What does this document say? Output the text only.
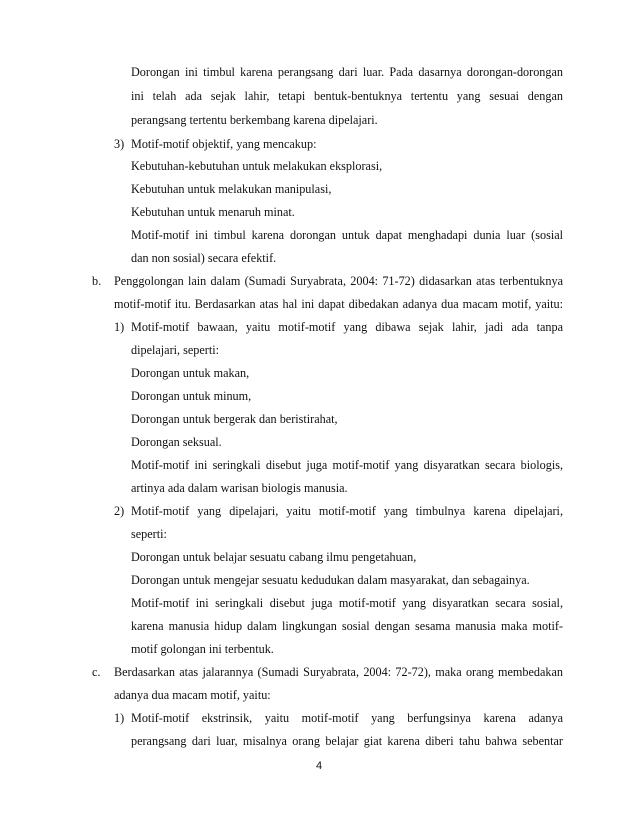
Dorongan ini timbul karena perangsang dari luar. Pada dasarnya dorongan-dorongan
ini telah ada sejak lahir, tetapi bentuk-bentuknya tertentu yang sesuai dengan
perangsang tertentu berkembang karena dipelajari.
3) Motif-motif objektif, yang mencakup:
Kebutuhan-kebutuhan untuk melakukan eksplorasi,
Kebutuhan untuk melakukan manipulasi,
Kebutuhan untuk menaruh minat.
Motif-motif ini timbul karena dorongan untuk dapat menghadapi dunia luar (sosial
dan non sosial) secara efektif.
b. Penggolongan lain dalam (Sumadi Suryabrata, 2004: 71-72) didasarkan atas terbentuknya
motif-motif itu. Berdasarkan atas hal ini dapat dibedakan adanya dua macam motif, yaitu:
1) Motif-motif bawaan, yaitu motif-motif yang dibawa sejak lahir, jadi ada tanpa
dipelajari, seperti:
Dorongan untuk makan,
Dorongan untuk minum,
Dorongan untuk bergerak dan beristirahat,
Dorongan seksual.
Motif-motif ini seringkali disebut juga motif-motif yang disyaratkan secara biologis,
artinya ada dalam warisan biologis manusia.
2) Motif-motif yang dipelajari, yaitu motif-motif yang timbulnya karena dipelajari,
seperti:
Dorongan untuk belajar sesuatu cabang ilmu pengetahuan,
Dorongan untuk mengejar sesuatu kedudukan dalam masyarakat, dan sebagainya.
Motif-motif ini seringkali disebut juga motif-motif yang disyaratkan secara sosial,
karena manusia hidup dalam lingkungan sosial dengan sesama manusia maka motif-
motif golongan ini terbentuk.
c. Berdasarkan atas jalarannya (Sumadi Suryabrata, 2004: 72-72), maka orang membedakan
adanya dua macam motif, yaitu:
1) Motif-motif ekstrinsik, yaitu motif-motif yang berfungsinya karena adanya
perangsang dari luar, misalnya orang belajar giat karena diberi tahu bahwa sebentar
4
